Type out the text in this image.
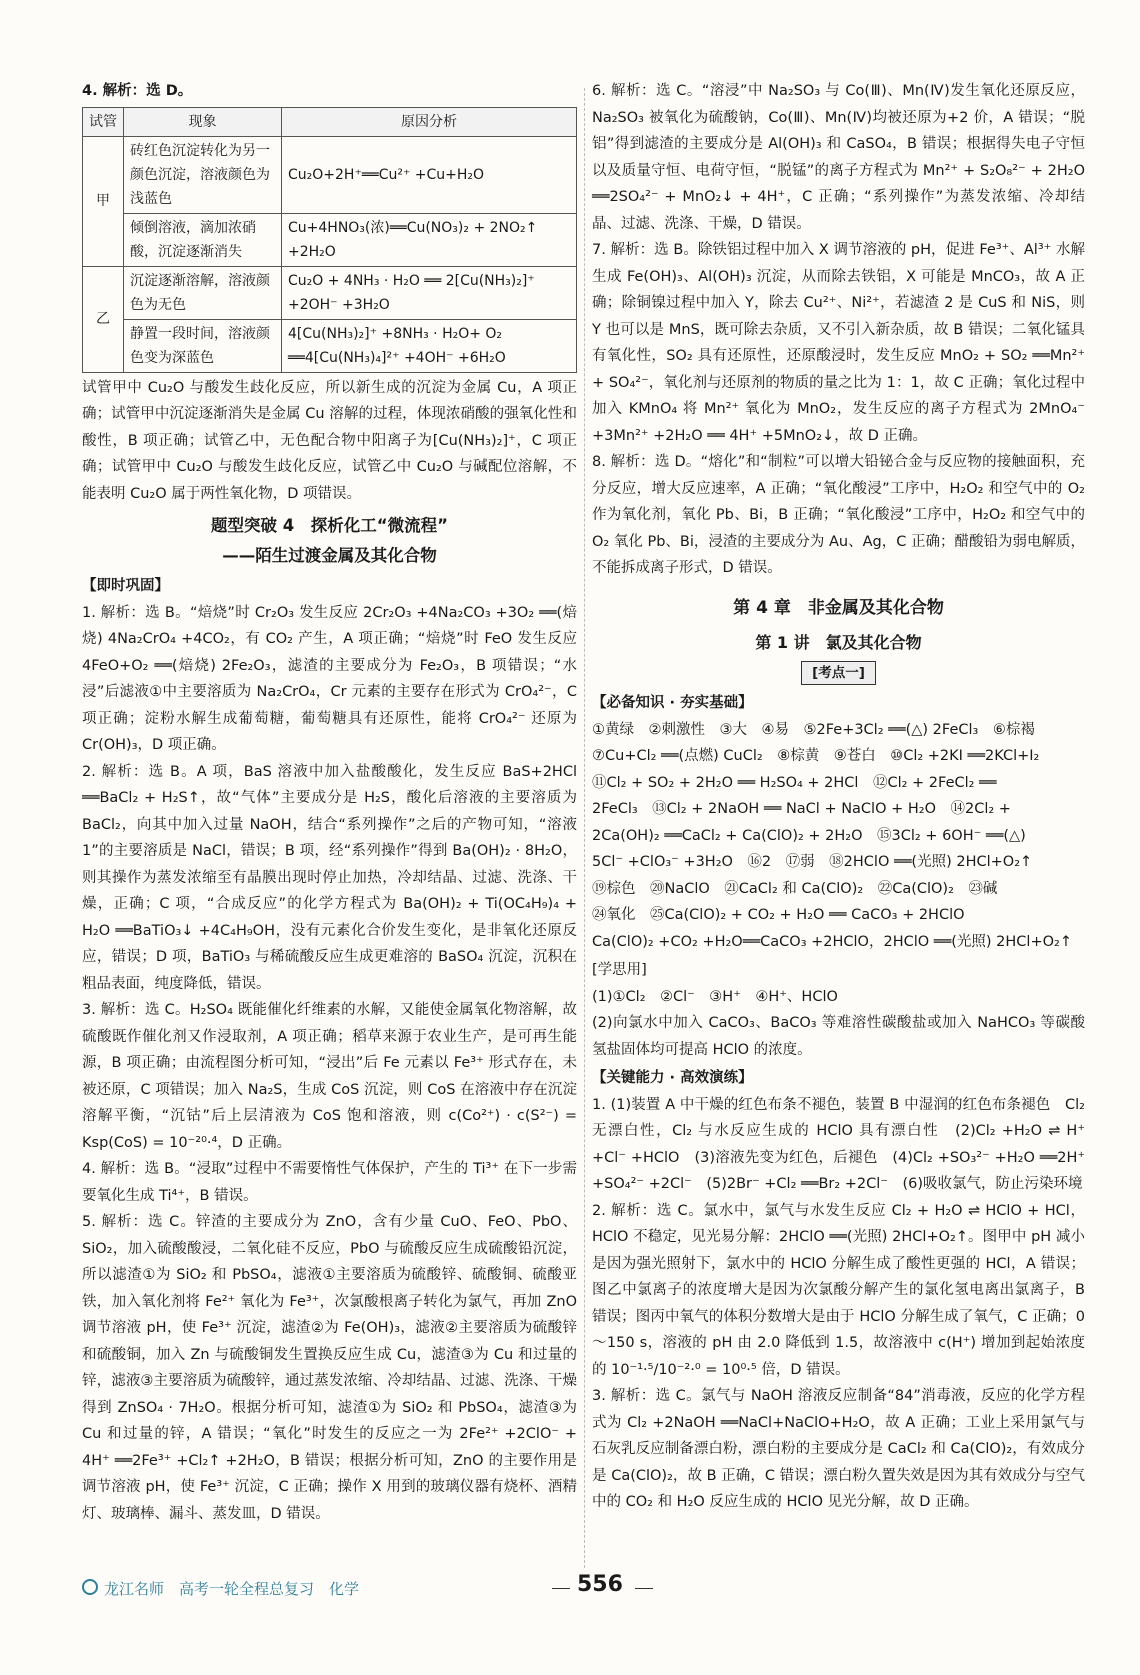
4. 解析：选 D。

试管	现象	原因分析
甲	砖红色沉淀转化为另一颜色沉淀，溶液颜色为浅蓝色	Cu₂O+2H⁺══Cu²⁺ +Cu+H₂O
	倾倒溶液，滴加浓硝酸，沉淀逐渐消失	Cu+4HNO₃(浓)══Cu(NO₃)₂ + 2NO₂↑ +2H₂O
乙	沉淀逐渐溶解，溶液颜色为无色	Cu₂O + 4NH₃ · H₂O ══ 2[Cu(NH₃)₂]⁺ +2OH⁻ +3H₂O
	静置一段时间，溶液颜色变为深蓝色	4[Cu(NH₃)₂]⁺ +8NH₃ · H₂O+ O₂ ══4[Cu(NH₃)₄]²⁺ +4OH⁻ +6H₂O

试管甲中 Cu₂O 与酸发生歧化反应，所以新生成的沉淀为金属 Cu，A 项正确；试管甲中沉淀逐渐消失是金属 Cu 溶解的过程，体现浓硝酸的强氧化性和酸性，B 项正确；试管乙中，无色配合物中阳离子为[Cu(NH₃)₂]⁺，C 项正确；试管甲中 Cu₂O 与酸发生歧化反应，试管乙中 Cu₂O 与碱配位溶解，不能表明 Cu₂O 属于两性氧化物，D 项错误。

题型突破 4　探析化工“微流程”
——陌生过渡金属及其化合物

【即时巩固】

1. 解析：选 B。“焙烧”时 Cr₂O₃ 发生反应 2Cr₂O₃ +4Na₂CO₃ +3O₂ ══(焙烧) 4Na₂CrO₄ +4CO₂，有 CO₂ 产生，A 项正确；“焙烧”时 FeO 发生反应 4FeO+O₂ ══(焙烧) 2Fe₂O₃，滤渣的主要成分为 Fe₂O₃，B 项错误；“水浸”后滤液①中主要溶质为 Na₂CrO₄，Cr 元素的主要存在形式为 CrO₄²⁻，C 项正确；淀粉水解生成葡萄糖，葡萄糖具有还原性，能将 CrO₄²⁻ 还原为 Cr(OH)₃，D 项正确。

2. 解析：选 B。A 项，BaS 溶液中加入盐酸酸化，发生反应 BaS+2HCl ══BaCl₂ + H₂S↑，故“气体”主要成分是 H₂S，酸化后溶液的主要溶质为 BaCl₂，向其中加入过量 NaOH，结合“系列操作”之后的产物可知，“溶液 1”的主要溶质是 NaCl，错误；B 项，经“系列操作”得到 Ba(OH)₂ · 8H₂O，则其操作为蒸发浓缩至有晶膜出现时停止加热，冷却结晶、过滤、洗涤、干燥，正确；C 项，“合成反应”的化学方程式为 Ba(OH)₂ + Ti(OC₄H₉)₄ + H₂O ══BaTiO₃↓ +4C₄H₉OH，没有元素化合价发生变化，是非氧化还原反应，错误；D 项，BaTiO₃ 与稀硫酸反应生成更难溶的 BaSO₄ 沉淀，沉积在粗品表面，纯度降低，错误。

3. 解析：选 C。H₂SO₄ 既能催化纤维素的水解，又能使金属氧化物溶解，故硫酸既作催化剂又作浸取剂，A 项正确；稻草来源于农业生产，是可再生能源，B 项正确；由流程图分析可知，“浸出”后 Fe 元素以 Fe³⁺ 形式存在，未被还原，C 项错误；加入 Na₂S，生成 CoS 沉淀，则 CoS 在溶液中存在沉淀溶解平衡，“沉钴”后上层清液为 CoS 饱和溶液，则 c(Co²⁺) · c(S²⁻) = Ksp(CoS) = 10⁻²⁰·⁴，D 正确。

4. 解析：选 B。“浸取”过程中不需要惰性气体保护，产生的 Ti³⁺ 在下一步需要氧化生成 Ti⁴⁺，B 错误。

5. 解析：选 C。锌渣的主要成分为 ZnO，含有少量 CuO、FeO、PbO、SiO₂，加入硫酸酸浸，二氧化硅不反应，PbO 与硫酸反应生成硫酸铅沉淀，所以滤渣①为 SiO₂ 和 PbSO₄，滤液①主要溶质为硫酸锌、硫酸铜、硫酸亚铁，加入氧化剂将 Fe²⁺ 氧化为 Fe³⁺，次氯酸根离子转化为氯气，再加 ZnO 调节溶液 pH，使 Fe³⁺ 沉淀，滤渣②为 Fe(OH)₃，滤液②主要溶质为硫酸锌和硫酸铜，加入 Zn 与硫酸铜发生置换反应生成 Cu，滤渣③为 Cu 和过量的锌，滤液③主要溶质为硫酸锌，通过蒸发浓缩、冷却结晶、过滤、洗涤、干燥得到 ZnSO₄ · 7H₂O。根据分析可知，滤渣①为 SiO₂ 和 PbSO₄，滤渣③为 Cu 和过量的锌，A 错误；“氧化”时发生的反应之一为 2Fe²⁺ +2ClO⁻ + 4H⁺ ══2Fe³⁺ +Cl₂↑ +2H₂O，B 错误；根据分析可知，ZnO 的主要作用是调节溶液 pH，使 Fe³⁺ 沉淀，C 正确；操作 X 用到的玻璃仪器有烧杯、酒精灯、玻璃棒、漏斗、蒸发皿，D 错误。

6. 解析：选 C。“溶浸”中 Na₂SO₃ 与 Co(Ⅲ)、Mn(Ⅳ)发生氧化还原反应，Na₂SO₃ 被氧化为硫酸钠，Co(Ⅲ)、Mn(Ⅳ)均被还原为+2 价，A 错误；“脱铝”得到滤渣的主要成分是 Al(OH)₃ 和 CaSO₄，B 错误；根据得失电子守恒以及质量守恒、电荷守恒，“脱锰”的离子方程式为 Mn²⁺ + S₂O₈²⁻ + 2H₂O ══2SO₄²⁻ + MnO₂↓ + 4H⁺，C 正确；“系列操作”为蒸发浓缩、冷却结晶、过滤、洗涤、干燥，D 错误。

7. 解析：选 B。除铁铝过程中加入 X 调节溶液的 pH，促进 Fe³⁺、Al³⁺ 水解生成 Fe(OH)₃、Al(OH)₃ 沉淀，从而除去铁铝，X 可能是 MnCO₃，故 A 正确；除铜镍过程中加入 Y，除去 Cu²⁺、Ni²⁺，若滤渣 2 是 CuS 和 NiS，则 Y 也可以是 MnS，既可除去杂质，又不引入新杂质，故 B 错误；二氧化锰具有氧化性，SO₂ 具有还原性，还原酸浸时，发生反应 MnO₂ + SO₂ ══Mn²⁺ + SO₄²⁻，氧化剂与还原剂的物质的量之比为 1：1，故 C 正确；氧化过程中加入 KMnO₄ 将 Mn²⁺ 氧化为 MnO₂，发生反应的离子方程式为 2MnO₄⁻ +3Mn²⁺ +2H₂O ══ 4H⁺ +5MnO₂↓，故 D 正确。

8. 解析：选 D。“熔化”和“制粒”可以增大铅铋合金与反应物的接触面积，充分反应，增大反应速率，A 正确；“氧化酸浸”工序中，H₂O₂ 和空气中的 O₂ 作为氧化剂，氧化 Pb、Bi，B 正确；“氧化酸浸”工序中，H₂O₂ 和空气中的 O₂ 氧化 Pb、Bi，浸渣的主要成分为 Au、Ag，C 正确；醋酸铅为弱电解质，不能拆成离子形式，D 错误。

第 4 章　非金属及其化合物
第 1 讲　氯及其化合物
[考点一]

【必备知识 · 夯实基础】

①黄绿　②刺激性　③大　④易　⑤2Fe+3Cl₂ ══(△) 2FeCl₃　⑥棕褐

⑦Cu+Cl₂ ══(点燃) CuCl₂　⑧棕黄　⑨苍白　⑩Cl₂ +2KI ══2KCl+I₂

⑪Cl₂ + SO₂ + 2H₂O ══ H₂SO₄ + 2HCl　⑫Cl₂ + 2FeCl₂ ══

2FeCl₃　⑬Cl₂ + 2NaOH ══ NaCl + NaClO + H₂O　⑭2Cl₂ +

2Ca(OH)₂ ══CaCl₂ + Ca(ClO)₂ + 2H₂O　⑮3Cl₂ + 6OH⁻ ══(△)

5Cl⁻ +ClO₃⁻ +3H₂O　⑯2　⑰弱　⑱2HClO ══(光照) 2HCl+O₂↑

⑲棕色　⑳NaClO　㉑CaCl₂ 和 Ca(ClO)₂　㉒Ca(ClO)₂　㉓碱

㉔氧化　㉕Ca(ClO)₂ + CO₂ + H₂O ══ CaCO₃ + 2HClO

Ca(ClO)₂ +CO₂ +H₂O══CaCO₃ +2HClO，2HClO ══(光照) 2HCl+O₂↑

[学思用]

(1)①Cl₂　②Cl⁻　③H⁺　④H⁺、HClO

(2)向氯水中加入 CaCO₃、BaCO₃ 等难溶性碳酸盐或加入 NaHCO₃ 等碳酸氢盐固体均可提高 HClO 的浓度。

【关键能力 · 高效演练】

1. (1)装置 A 中干燥的红色布条不褪色，装置 B 中湿润的红色布条褪色　Cl₂ 无漂白性，Cl₂ 与水反应生成的 HClO 具有漂白性　(2)Cl₂ +H₂O ⇌ H⁺ +Cl⁻ +HClO　(3)溶液先变为红色，后褪色　(4)Cl₂ +SO₃²⁻ +H₂O ══2H⁺ +SO₄²⁻ +2Cl⁻　(5)2Br⁻ +Cl₂ ══Br₂ +2Cl⁻　(6)吸收氯气，防止污染环境

2. 解析：选 C。氯水中，氯气与水发生反应 Cl₂ + H₂O ⇌ HClO + HCl，HClO 不稳定，见光易分解：2HClO ══(光照) 2HCl+O₂↑。图甲中 pH 减小是因为强光照射下，氯水中的 HClO 分解生成了酸性更强的 HCl，A 错误；图乙中氯离子的浓度增大是因为次氯酸分解产生的氯化氢电离出氯离子，B 错误；图丙中氧气的体积分数增大是由于 HClO 分解生成了氧气，C 正确；0～150 s，溶液的 pH 由 2.0 降低到 1.5，故溶液中 c(H⁺) 增加到起始浓度的 10⁻¹·⁵/10⁻²·⁰ = 10⁰·⁵ 倍，D 错误。

3. 解析：选 C。氯气与 NaOH 溶液反应制备“84”消毒液，反应的化学方程式为 Cl₂ +2NaOH ══NaCl+NaClO+H₂O，故 A 正确；工业上采用氯气与石灰乳反应制备漂白粉，漂白粉的主要成分是 CaCl₂ 和 Ca(ClO)₂，有效成分是 Ca(ClO)₂，故 B 正确，C 错误；漂白粉久置失效是因为其有效成分与空气中的 CO₂ 和 H₂O 反应生成的 HClO 见光分解，故 D 正确。

龙江名师　高考一轮全程总复习　化学	556
